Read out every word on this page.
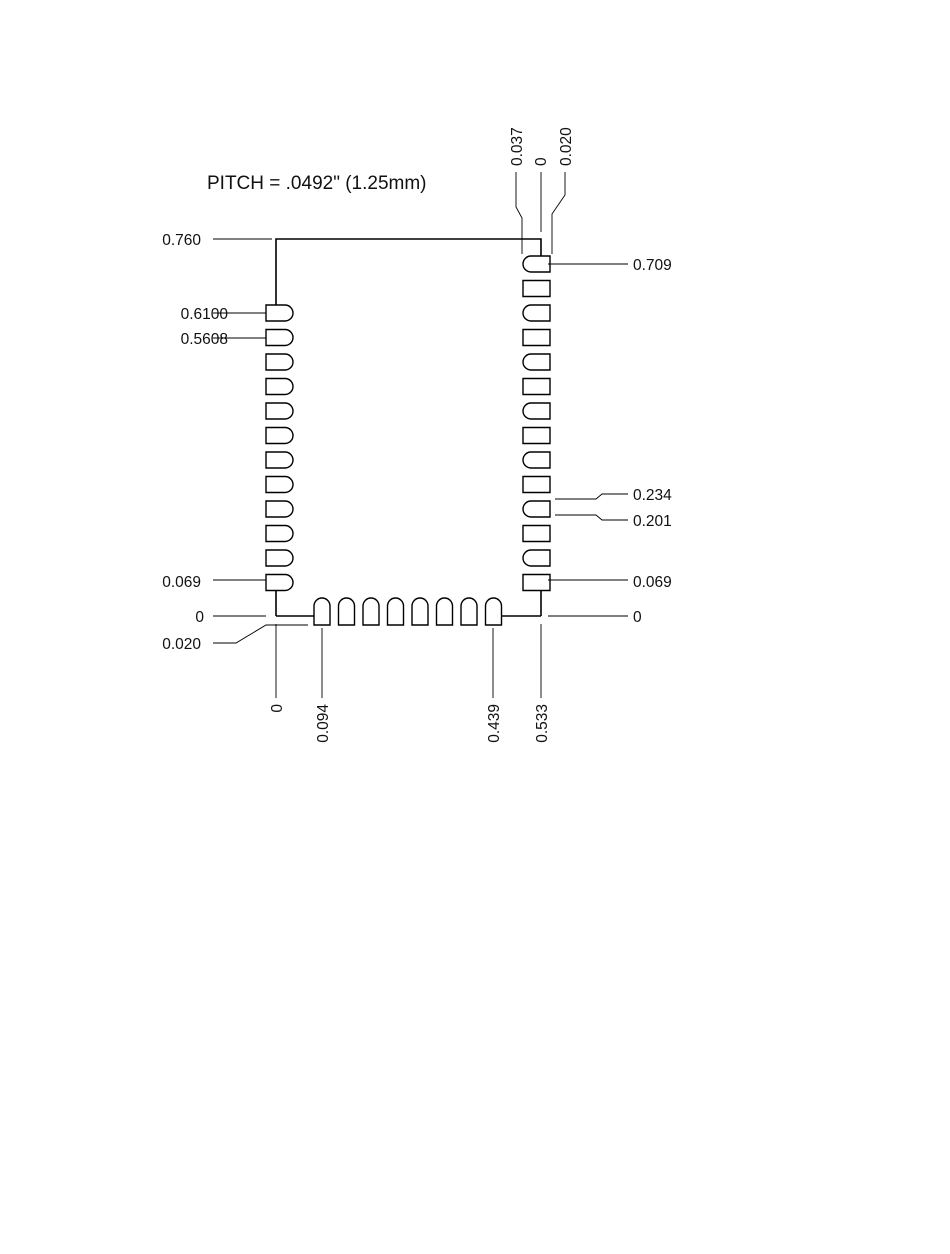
PITCH = .0492" (1.25mm)
0.760
0.6100
0.5608
0.069
0
0.020
0.709
0.234
0.201
0.069
0
0.037 0 0.020
0 0.094	0.439 0.533
